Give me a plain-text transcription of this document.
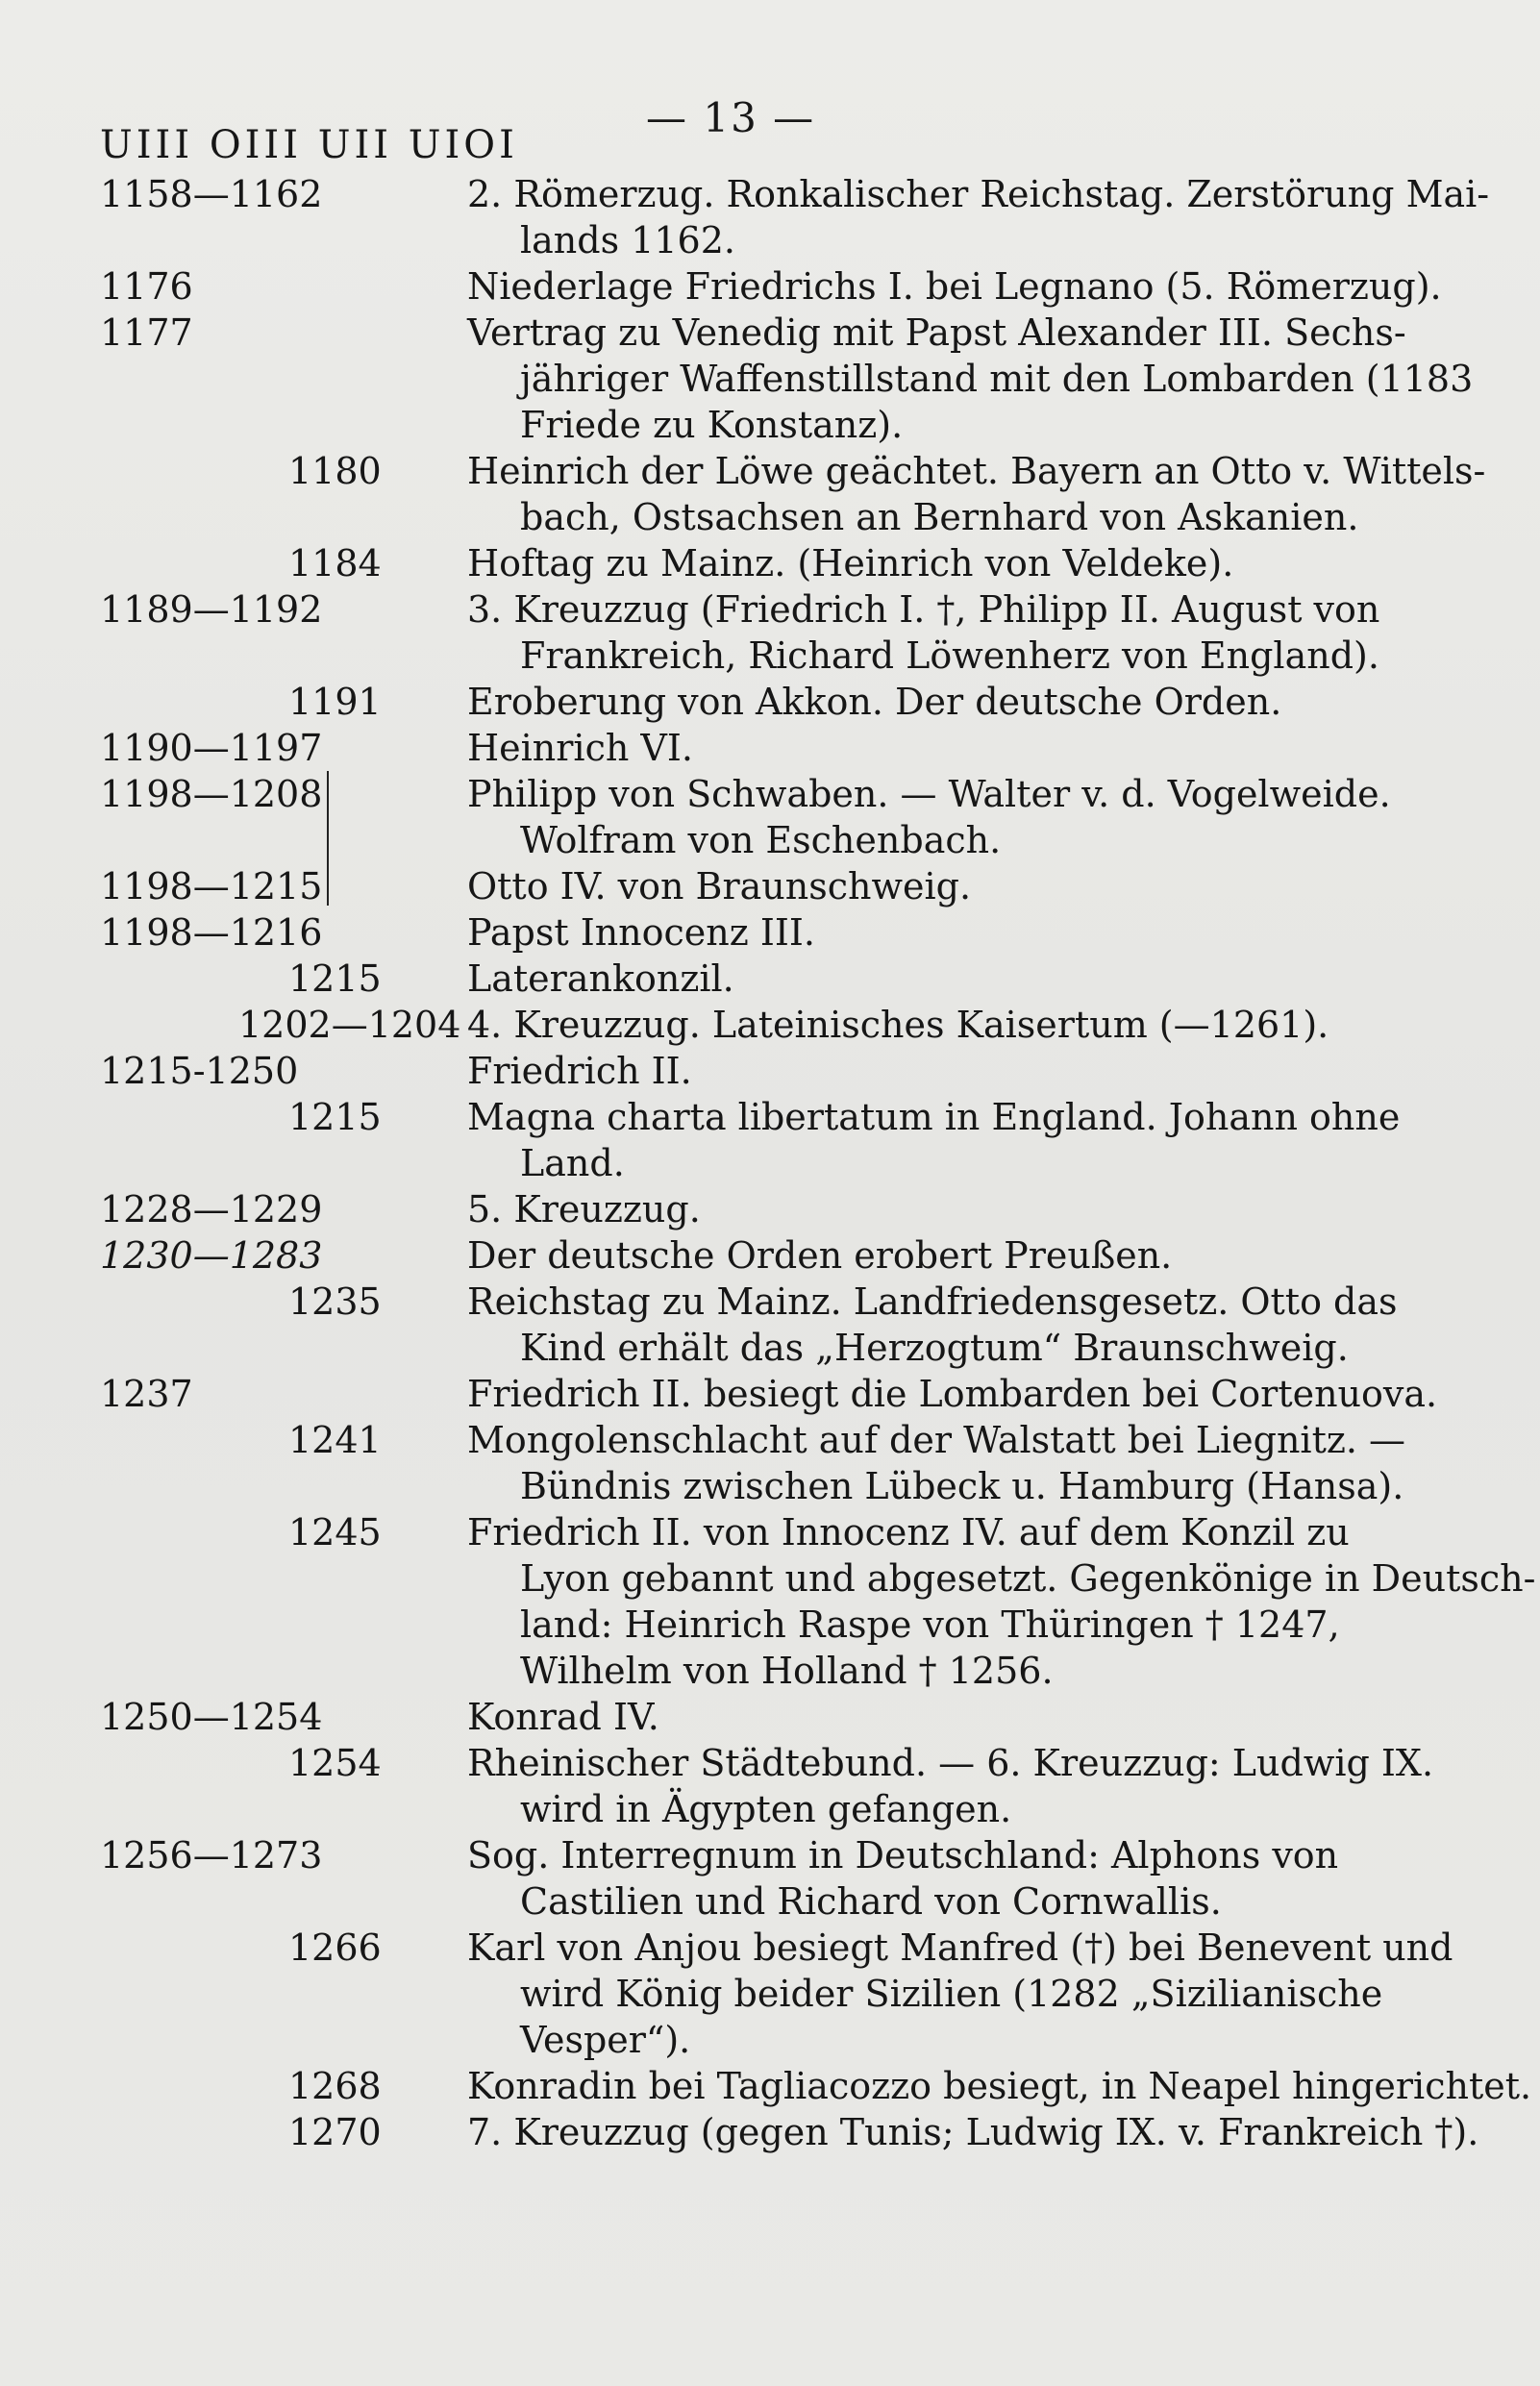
UIII OIII UII UIOI
— 13 —
1158—1162	2. Römerzug. Ronkalischer Reichstag. Zerstörung Mai-
lands 1162.
1176	Niederlage Friedrichs I. bei Legnano (5. Römerzug).
1177	Vertrag zu Venedig mit Papst Alexander III. Sechs-
jähriger Waffenstillstand mit den Lombarden (1183
Friede zu Konstanz).
1180 Heinrich der Löwe geächtet. Bayern an Otto v. Wittels-
bach, Ostsachsen an Bernhard von Askanien.
1184 Hoftag zu Mainz. (Heinrich von Veldeke).
1189—1192	3. Kreuzzug (Friedrich I. †, Philipp II. August von
Frankreich, Richard Löwenherz von England).
1191 Eroberung von Akkon. Der deutsche Orden.
1190—1197	Heinrich VI.
1198—1208	Philipp von Schwaben. — Walter v. d. Vogelweide.
Wolfram von Eschenbach.
1198—1215	Otto IV. von Braunschweig.
1198—1216	Papst Innocenz III.
1215 Laterankonzil.
1202—1204 4. Kreuzzug. Lateinisches Kaisertum (—1261).
1215-1250	Friedrich II.
1215 Magna charta libertatum in England. Johann ohne
Land.
1228—1229	5. Kreuzzug.
1230—1283	Der deutsche Orden erobert Preußen.
1235 Reichstag zu Mainz. Landfriedensgesetz. Otto das
Kind erhält das „Herzogtum“ Braunschweig.
1237	Friedrich II. besiegt die Lombarden bei Cortenuova.
1241 Mongolenschlacht auf der Walstatt bei Liegnitz. —
Bündnis zwischen Lübeck u. Hamburg (Hansa).
1245 Friedrich II. von Innocenz IV. auf dem Konzil zu
Lyon gebannt und abgesetzt. Gegenkönige in Deutsch-
land: Heinrich Raspe von Thüringen † 1247,
Wilhelm von Holland † 1256.
1250—1254	Konrad IV.
1254 Rheinischer Städtebund. — 6. Kreuzzug: Ludwig IX.
wird in Ägypten gefangen.
1256—1273	Sog. Interregnum in Deutschland: Alphons von
Castilien und Richard von Cornwallis.
1266 Karl von Anjou besiegt Manfred (†) bei Benevent und
wird König beider Sizilien (1282 „Sizilianische
Vesper“).
1268 Konradin bei Tagliacozzo besiegt, in Neapel hingerichtet.
1270 7. Kreuzzug (gegen Tunis; Ludwig IX. v. Frankreich †).
